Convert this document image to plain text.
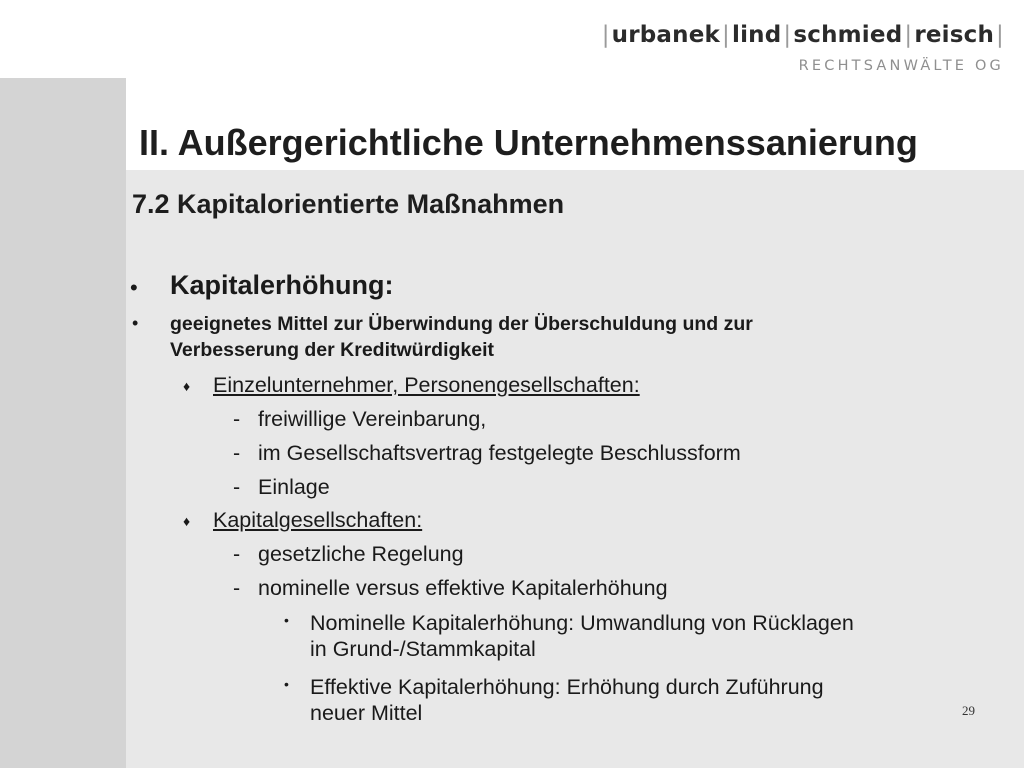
|urbanek|lind|schmied|reisch|
RECHTSANWÄLTE OG
II. Außergerichtliche Unternehmenssanierung
7.2 Kapitalorientierte Maßnahmen
• Kapitalerhöhung:
• geeignetes Mittel zur Überwindung der Überschuldung und zur
Verbesserung der Kreditwürdigkeit
♦ Einzelunternehmer, Personengesellschaften:
- freiwillige Vereinbarung,
- im Gesellschaftsvertrag festgelegte Beschlussform
- Einlage
♦ Kapitalgesellschaften:
- gesetzliche Regelung
- nominelle versus effektive Kapitalerhöhung
• Nominelle Kapitalerhöhung: Umwandlung von Rücklagen
in Grund-/Stammkapital
• Effektive Kapitalerhöhung: Erhöhung durch Zuführung
neuer Mittel	29
